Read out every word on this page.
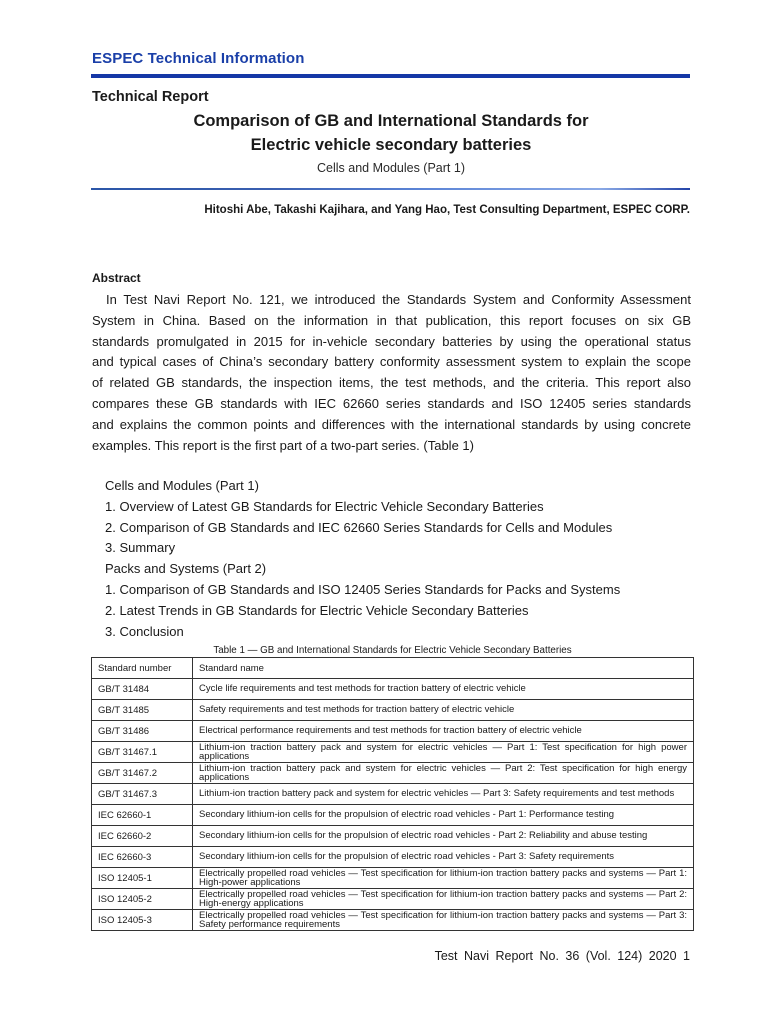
ESPEC Technical Information
Technical Report
Comparison of GB and International Standards for
Electric vehicle secondary batteries
Cells and Modules (Part 1)
Hitoshi Abe, Takashi Kajihara, and Yang Hao, Test Consulting Department, ESPEC CORP.
Abstract
In Test Navi Report No. 121, we introduced the Standards System and Conformity Assessment
System in China. Based on the information in that publication, this report focuses on six GB
standards promulgated in 2015 for in-vehicle secondary batteries by using the operational status
and typical cases of China’s secondary battery conformity assessment system to explain the scope
of related GB standards, the inspection items, the test methods, and the criteria. This report also
compares these GB standards with IEC 62660 series standards and ISO 12405 series standards
and explains the common points and differences with the international standards by using concrete
examples. This report is the first part of a two-part series. (Table 1)
Cells and Modules (Part 1)
1. Overview of Latest GB Standards for Electric Vehicle Secondary Batteries
2. Comparison of GB Standards and IEC 62660 Series Standards for Cells and Modules
3. Summary
Packs and Systems (Part 2)
1. Comparison of GB Standards and ISO 12405 Series Standards for Packs and Systems
2. Latest Trends in GB Standards for Electric Vehicle Secondary Batteries
3. Conclusion
Table 1 — GB and International Standards for Electric Vehicle Secondary Batteries
Standard number	Standard name
GB/T 31484	Cycle life requirements and test methods for traction battery of electric vehicle
GB/T 31485	Safety requirements and test methods for traction battery of electric vehicle
GB/T 31486	Electrical performance requirements and test methods for traction battery of electric vehicle
GB/T 31467.1	Lithium-ion traction battery pack and system for electric vehicles — Part 1: Test specification for high power applications
GB/T 31467.2	Lithium-ion traction battery pack and system for electric vehicles — Part 2: Test specification for high energy applications
GB/T 31467.3	Lithium-ion traction battery pack and system for electric vehicles — Part 3: Safety requirements and test methods
IEC 62660-1	Secondary lithium-ion cells for the propulsion of electric road vehicles - Part 1: Performance testing
IEC 62660-2	Secondary lithium-ion cells for the propulsion of electric road vehicles - Part 2: Reliability and abuse testing
IEC 62660-3	Secondary lithium-ion cells for the propulsion of electric road vehicles - Part 3: Safety requirements
ISO 12405-1	Electrically propelled road vehicles — Test specification for lithium-ion traction battery packs and systems — Part 1: High-power applications
ISO 12405-2	Electrically propelled road vehicles — Test specification for lithium-ion traction battery packs and systems — Part 2: High-energy applications
ISO 12405-3	Electrically propelled road vehicles — Test specification for lithium-ion traction battery packs and systems — Part 3: Safety performance requirements
Test Navi Report No. 36 (Vol. 124) 2020 1
